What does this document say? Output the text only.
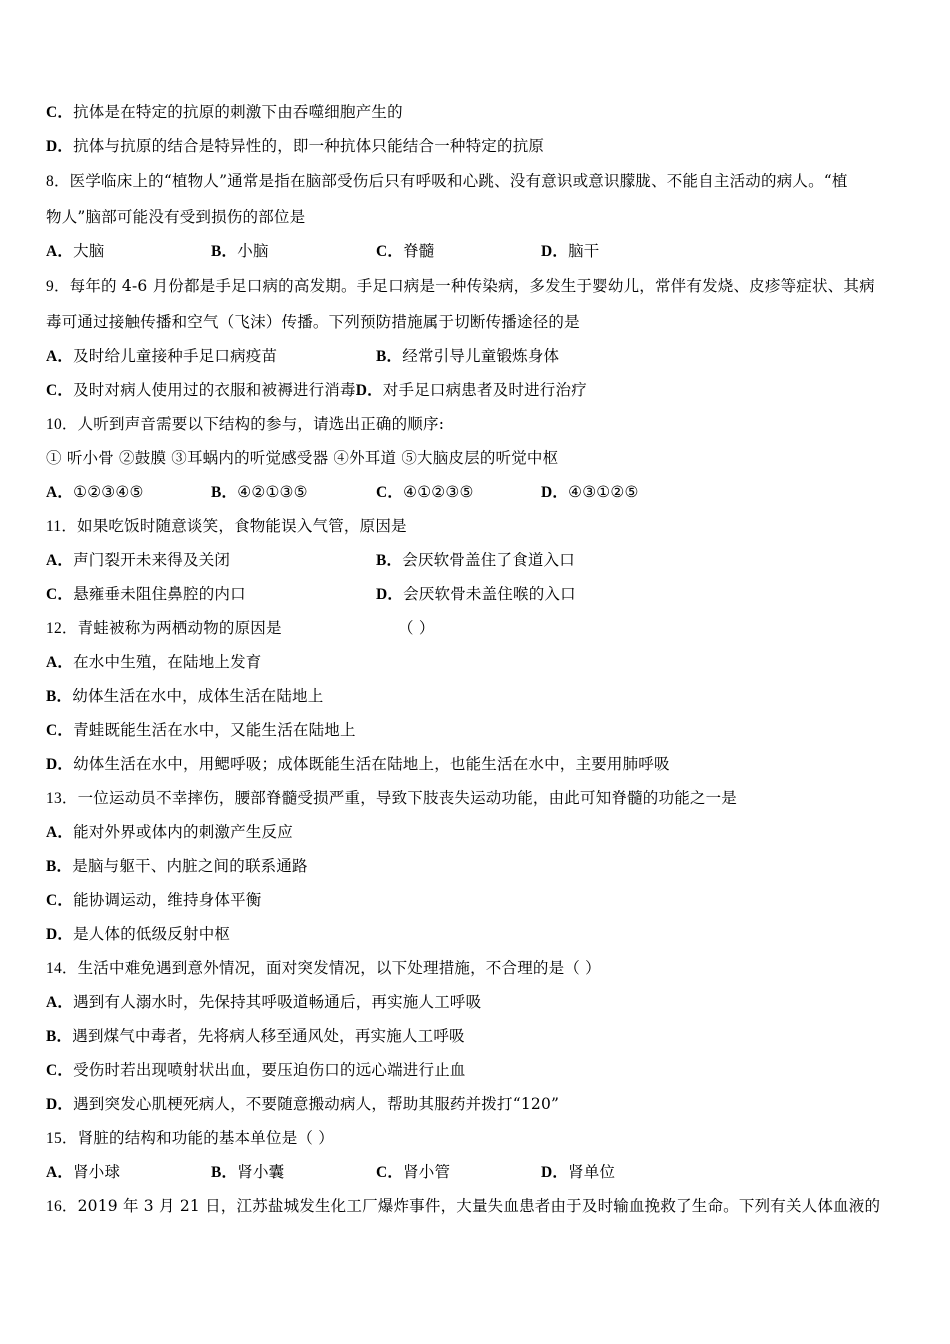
C．抗体是在特定的抗原的刺激下由吞噬细胞产生的
D．抗体与抗原的结合是特异性的，即一种抗体只能结合一种特定的抗原
8．医学临床上的“植物人”通常是指在脑部受伤后只有呼吸和心跳、没有意识或意识朦胧、不能自主活动的病人。“植
物人”脑部可能没有受到损伤的部位是
A．大脑	B．小脑	C．脊髓	D．脑干
9．每年的 4-6 月份都是手足口病的高发期。手足口病是一种传染病，多发生于婴幼儿，常伴有发烧、皮疹等症状、其病
毒可通过接触传播和空气（飞沫）传播。下列预防措施属于切断传播途径的是
A．及时给儿童接种手足口病疫苗	B．经常引导儿童锻炼身体
C．及时对病人使用过的衣服和被褥进行消毒D．对手足口病患者及时进行治疗
10．人听到声音需要以下结构的参与，请选出正确的顺序:
① 听小骨 ②鼓膜 ③耳蜗内的听觉感受器 ④外耳道 ⑤大脑皮层的听觉中枢
A．①②③④⑤	B．④②①③⑤	C．④①②③⑤	D．④③①②⑤
11．如果吃饭时随意谈笑，食物能误入气管，原因是
A．声门裂开未来得及关闭	B．会厌软骨盖住了食道入口
C．悬雍垂未阻住鼻腔的内口	D．会厌软骨未盖住喉的入口
12．青蛙被称为两栖动物的原因是	（ ）
A．在水中生殖，在陆地上发育
B．幼体生活在水中，成体生活在陆地上
C．青蛙既能生活在水中，又能生活在陆地上
D．幼体生活在水中，用鳃呼吸；成体既能生活在陆地上，也能生活在水中，主要用肺呼吸
13．一位运动员不幸摔伤，腰部脊髓受损严重，导致下肢丧失运动功能，由此可知脊髓的功能之一是
A．能对外界或体内的刺激产生反应
B．是脑与躯干、内脏之间的联系通路
C．能协调运动，维持身体平衡
D．是人体的低级反射中枢
14．生活中难免遇到意外情况，面对突发情况，以下处理措施，不合理的是（ ）
A．遇到有人溺水时，先保持其呼吸道畅通后，再实施人工呼吸
B．遇到煤气中毒者，先将病人移至通风处，再实施人工呼吸
C．受伤时若出现喷射状出血，要压迫伤口的远心端进行止血
D．遇到突发心肌梗死病人，不要随意搬动病人，帮助其服药并拨打“120”
15．肾脏的结构和功能的基本单位是（ ）
A．肾小球	B．肾小囊	C．肾小管	D．肾单位
16．2019 年 3 月 21 日，江苏盐城发生化工厂爆炸事件，大量失血患者由于及时输血挽救了生命。下列有关人体血液的
